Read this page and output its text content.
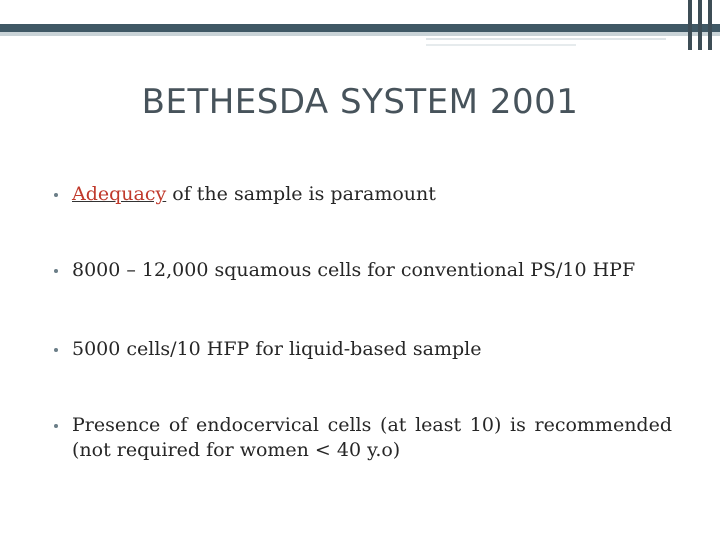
BETHESDA SYSTEM 2001
Adequacy of the sample is paramount
8000 – 12,000 squamous cells for conventional PS/10 HPF
5000 cells/10 HFP for liquid-based sample
Presence of endocervical cells (at least 10) is recommended (not required for women < 40 y.o)
